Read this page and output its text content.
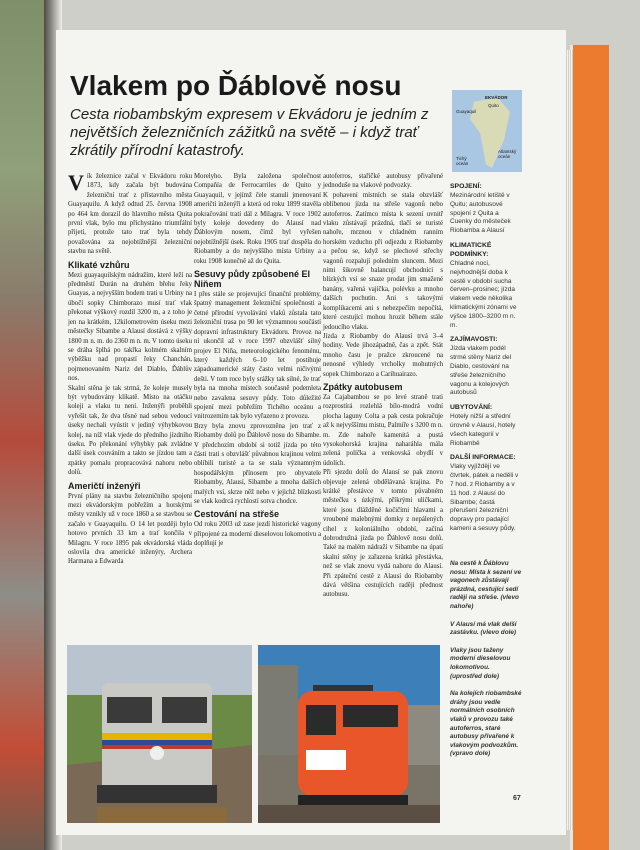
Vlakem po Ďáblově nosu
Cesta riobambským expresem v Ekvádoru je jedním z největších železničních zážitků na světě – i když trať zkrátily přírodní katastrofy.
EKVÁDOR
Quito
Guayaquil
Tichý oceán
Atlantský oceán

Vík železnice začal v Ekvádoru roku 1873, kdy začala být budována železniční trať z přístavního města Guayaquilu. A když odtud 25. června 1908 po 464 km dorazil do hlavního města Quita první vlak, bylo mu přichystáno triumfální přijetí, protože tato trať byla tehdy považována za nejobtížnější železniční stavbu na světě.

Klikaté vzhůru

Mezi guayaquilským nádražím, které leží na předměstí Durán na druhém břehu řeky Guayas, a nejvyšším bodem trati u Urbiny na úbočí sopky Chimborazo musí trať vlak překonat výškový rozdíl 3200 m, a z toho je jen na krátkém, 12kilometrovém úseku mezi městečky Sibambe a Alausí dostává z výšky 1800 m n. m. do 2360 m n. m. V tomto úseku se dráha šplhá po takřka kolmém skalním výběžku nad propastí řeky Chanchán, pojmenovaném Nariz del Diablo, Ďáblův nos.

Skalní stěna je tak strmá, že koleje musely být vybudovány klikatě. Místo na otáčku koleji a vlaku tu není. Inženýři proběhli vyřešit tak, že dva těsné nad sebou vedoucí úseky nechali vyústit v jediný výhybkovou kolej, na níž vlak vjede do předního jízdního úseku. Po překonání výhybky pak zvládne další úsek couváním a takto se jízdou tam a zpátky pomalu propracovává nahoru nebo dolů.

Američtí inženýři

První plány na stavbu železničního spojení mezi ekvádorským pobřežím a horskými městy vznikly už v roce 1860 a se stavbou se začalo v Guayaquilu. O 14 let později bylo hotovo prvních 33 km a trať končila v Milagru. V roce 1895 pak ekvádorská vláda oslovila dva americké inženýry, Archera Harmana a Edwarda

Morelyho. Byla založena společnost Compañía de Ferrocarriles de Quito y Guayaquil, v jejímž čele stanuli jmenovaní američtí inženýři a která od roku 1899 stavěla pokračování tratí dál z Milagra. V roce 1902 byly koleje dovedeny do Alausí nad Ďáblovým nosem, čímž byl vyřešen nejobtížnější úsek. Roku 1905 trať dospěla do Riobamby a do nejvyššího místa Urbiny a roku 1908 konečně až do Quita.

Sesuvy půdy způsobené El Niňem

I přes stále se projevující finanční problémy, špatný management železniční společnosti a četné přírodní vyvolávání vlaků zůstala tato železniční trasa po 90 let významnou součástí dopravní infrastruktury Ekvádoru. Provoz na ní ukončil až v roce 1997 obzvlášť silný projev El Niňa, meteorologického fenoménu, který každých 6–10 let postihuje západoamerické státy často velmi ničivými dešti. V tom roce byly srážky tak silné, že trať byla na mnoha místech současně podemleta nebo zavalena sesuvy půdy. Toto důležité spojení mezi pobřežím Tichého oceánu a vnitrozemím tak bylo vyřazeno z provozu.

Brzy byla znovu zprovozněna jen trať z Riobamby dolů po Ďáblově nosu do Sibambe. V předchozím období si totiž jízda po této části trati s obzvlášť půvabnou krajinou velmi oblíbili turisté a ta se stala významným hospodářským přínosem pro obyvatele Riobamby, Alausí, Sibambe a mnoha dalších malých vsí, skrze něž nebo v jejichž blízkosti se vlak kodrcá rychlostí sotva chodce.

Cestování na střeše

Od roku 2003 už zase jezdí historické vagony připojené za moderní dieselovou lokomotivu a doplňují je

autoferros, staříčké autobusy přivařené jednoduše na vlakové podvozky.

K pohavení místních se stala obzvlášť oblíbenou jízda na střeše vagonů nebo autoferros. Zatímco místa k sezení uvnitř vlaku zůstávají prázdná, tlačí se turisté nahoře, mrznou v chladném ranním horském vzduchu při odjezdu z Riobamby a pečou se, když se plechové střechy vagonů rozpalují poledním sluncem. Mezi nimi šikovně balancují obchodníci s blízkých vsí se snaze prodat jim smažené banány, vařená vajíčka, polévku a mnoho dalších pochutin. Ani s takovými komplikacemi ani s nebezpečím nepočítá, které cestující mohou hrozit během stále jedoucího vlaku.

Jízda z Riobamby do Alausí trvá 3–4 hodiny. Vede jihozápadně, čas a zpět. Stát mnoho času je pražce zkroucené na nenosné výhledy vrcholky mohutných sopek Chimborazo a Carihuairazo.

Zpátky autobusem

Za Cajabambou se po levé straně trati rozprostírá rozlehlá bílo-modrá vodní plocha laguny Colta a pak cesta pokračuje až k nejvyššímu místu, Palmíře s 3200 m n. m. Zde nahoře kamenitá a pustá vysokohorská krajina naharáhla mála zelená políčka a venkovská obydlí v údolích.

Při sjezdu dolů do Alausí se pak znovu objevuje zelená obdělávaná krajina. Po krátké přestávce v tomto půvabném městečku s úzkými, příkrými uličkami, které jsou dlážděné kočičími hlavami a vroubené malebnými domky z nepálených cihel z koloniálního období, začíná dobrodružná jízda po Ďáblově nosu dolů. Také na malém nádraží v Sibambe na úpatí skalní stěny je zařazena krátká přestávka, než se vlak znovu vydá nahoru do Alausí. Při zpáteční cestě z Alausí do Riobamby dává většina cestujících raději přednost autobusu.

SPOJENÍ:

Mezinárodní letiště v Quitu; autobusové spojení z Quita a Cuenky do městeček Riobamba a Alausí

KLIMATICKÉ PODMÍNKY:

Chladné noci, nejvhodnější doba k cestě v období sucha červen–prosinec; jízda vlakem vede několika klimatickými zónami ve výšce 1800–3200 m n. m.

ZAJÍMAVOSTI:

Jízda vlakem podél strmé stěny Nariz del Diablo, cestování na střeše železničního vagonu a kolejových autobusů

UBYTOVÁNÍ:

Hotely nižší a střední úrovně v Alausí, hotely všech kategorií v Riobambě

DALŠÍ INFORMACE:

Vlaky vyjíždějí ve čtvrtek, pátek a neděli v 7 hod. z Riobamby a v 11 hod. z Alausí do Sibambe; častá přerušení železniční dopravy pro padající kameni a sesuvy půdy.

Na cestě k Ďáblovu nosu: Místa k sezení ve vagonech zůstávají prázdná, cestující sedí raději na střeše. (vlevo nahoře)

V Alausí má vlak delší zastávku. (vlevo dole)

Vlaky jsou taženy moderní dieselovou lokomotivou. (uprostřed dole)

Na kolejích riobambské dráhy jsou vedle normálních osobních vlaků v provozu také autoferros, staré autobusy přivařené k vlakovým podvozkům. (vpravo dole)

67
